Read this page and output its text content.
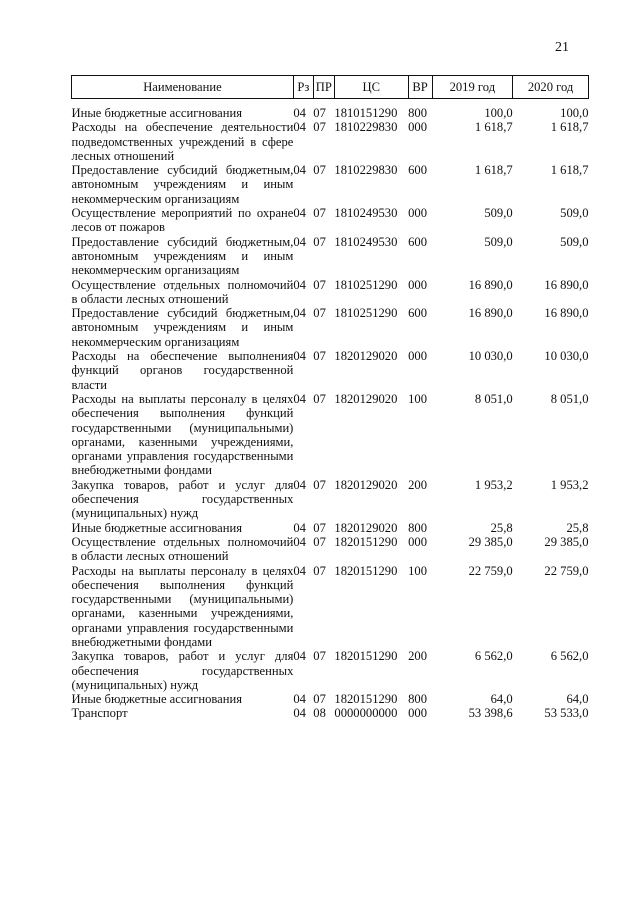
21
Наименование	Рз	ПР	ЦС	ВР	2019 год	2020 год
Иные бюджетные ассигнования	04	07	1810151290	800	100,0	100,0
Расходы на обеспечение деятельности подведомственных учреждений в сфере лесных отношений	04	07	1810229830	000	1 618,7	1 618,7
Предоставление субсидий бюджетным, автономным учреждениям и иным некоммерческим организациям	04	07	1810229830	600	1 618,7	1 618,7
Осуществление мероприятий по охране лесов от пожаров	04	07	1810249530	000	509,0	509,0
Предоставление субсидий бюджетным, автономным учреждениям и иным некоммерческим организациям	04	07	1810249530	600	509,0	509,0
Осуществление отдельных полномочий в области лесных отношений	04	07	1810251290	000	16 890,0	16 890,0
Предоставление субсидий бюджетным, автономным учреждениям и иным некоммерческим организациям	04	07	1810251290	600	16 890,0	16 890,0
Расходы на обеспечение выполнения функций органов государственной власти	04	07	1820129020	000	10 030,0	10 030,0
Расходы на выплаты персоналу в целях обеспечения выполнения функций государственными (муниципальными) органами, казенными учреждениями, органами управления государственными внебюджетными фондами	04	07	1820129020	100	8 051,0	8 051,0
Закупка товаров, работ и услуг для обеспечения государственных (муниципальных) нужд	04	07	1820129020	200	1 953,2	1 953,2
Иные бюджетные ассигнования	04	07	1820129020	800	25,8	25,8
Осуществление отдельных полномочий в области лесных отношений	04	07	1820151290	000	29 385,0	29 385,0
Расходы на выплаты персоналу в целях обеспечения выполнения функций государственными (муниципальными) органами, казенными учреждениями, органами управления государственными внебюджетными фондами	04	07	1820151290	100	22 759,0	22 759,0
Закупка товаров, работ и услуг для обеспечения государственных (муниципальных) нужд	04	07	1820151290	200	6 562,0	6 562,0
Иные бюджетные ассигнования	04	07	1820151290	800	64,0	64,0
Транспорт	04	08	0000000000	000	53 398,6	53 533,0
